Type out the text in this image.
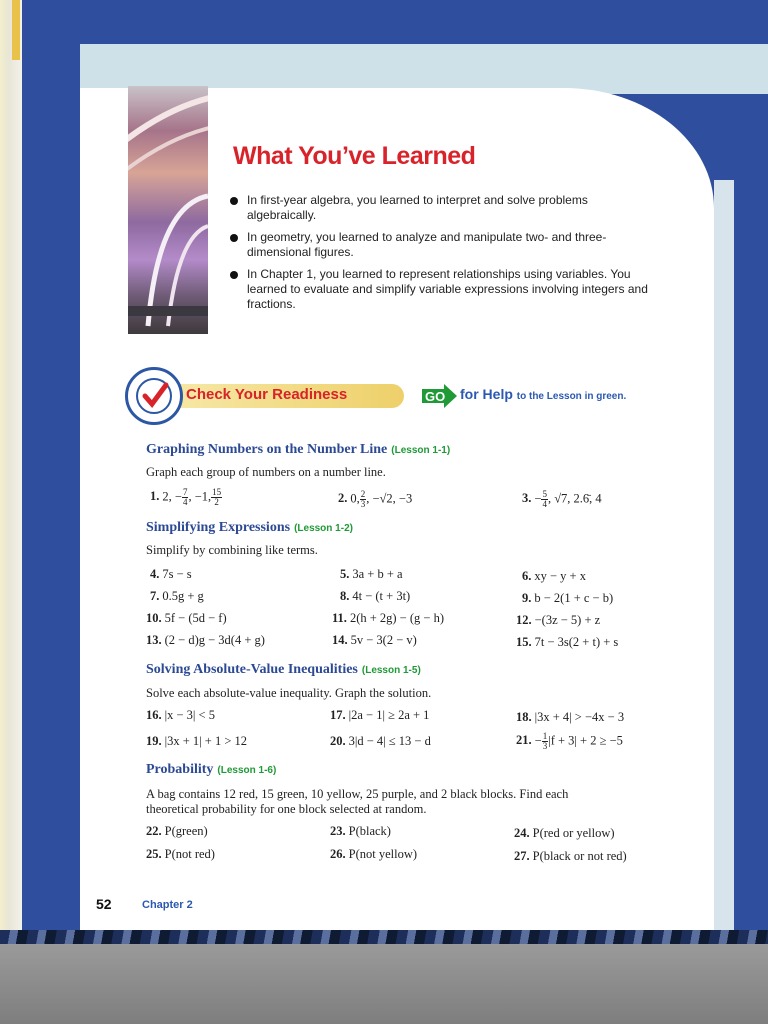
What You’ve Learned
In first-year algebra, you learned to interpret and solve problems algebraically.
In geometry, you learned to analyze and manipulate two- and three-dimensional figures.
In Chapter 1, you learned to represent relationships using variables. You learned to evaluate and simplify variable expressions involving integers and fractions.
Check Your Readiness	GO for Help to the Lesson in green.
Graphing Numbers on the Number Line (Lesson 1-1)
Graph each group of numbers on a number line.
1. 2, − $\frac{7}{4}$ , −1, $\frac{15}{2}$	2. 0, $\frac{2}{3}$ , −√2, −3	3. − $\frac{5}{4}$ , √7, 2.6̄, 4
Simplifying Expressions (Lesson 1-2)
Simplify by combining like terms.
4. 7s − s	5. 3a + b + a	6. xy − y + x
7. 0.5g + g	8. 4t − (t + 3t)	9. b − 2(1 + c − b)
10. 5f − (5d − f)	11. 2(h + 2g) − (g − h)	12. −(3z − 5) + z
13. (2 − d)g − 3d(4 + g)	14. 5v − 3(2 − v)	15. 7t − 3s(2 + t) + s
Solving Absolute-Value Inequalities (Lesson 1-5)
Solve each absolute-value inequality. Graph the solution.
16. |x − 3| < 5	17. |2a − 1| ≥ 2a + 1	18. |3x + 4| > −4x − 3
19. |3x + 1| + 1 > 12	20. 3|d − 4| ≤ 13 − d	21. − $\frac{1}{3} |f + 3| + 2 \ge -5$
Probability (Lesson 1-6)
A bag contains 12 red, 15 green, 10 yellow, 25 purple, and 2 black blocks. Find each
theoretical probability for one block selected at random.
22. P(green)	23. P(black)	24. P(red or yellow)
25. P(not red)	26. P(not yellow)	27. P(black or not red)
52	Chapter 2
